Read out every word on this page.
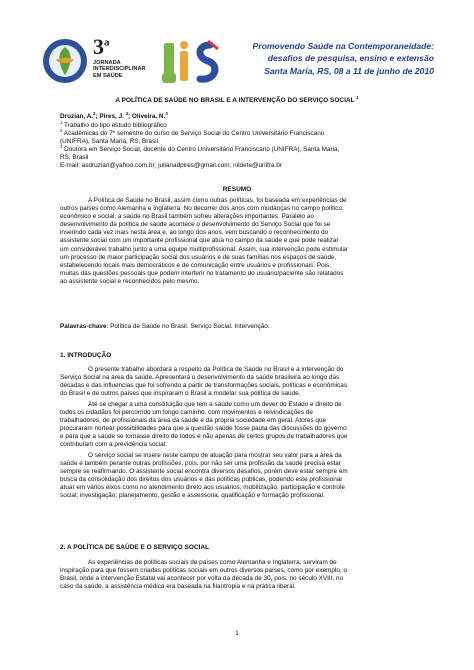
3$^a$
JORNADA
INTERDISCIPLINAR
EM SAÚDE
Promovendo Saúde na Contemporaneidade:
desafios de pesquisa, ensino e extensão
Santa Maria, RS, 08 a 11 de junho de 2010
A POLÍTICA DE SAÚDE NO BRASIL E A INTERVENÇÃO DO SERVIÇO SOCIAL $^1$
Druzian, A.$^2$; Pires, J. $^3$; Oliveira. N.$^3$
$^1$ Trabalho do tipo estudo bibliográfico
$^2$ Acadêmicas do 7º semestre do curso de Serviço Social do Centro Universitário Franciscano
(UNIFRA), Santa Maria, RS, Brasil
$^3$ Doutora em Serviço Social, docente do Centro Universitário Franciscano (UNIFRA), Santa Maria,
RS, Brasil
E-mail: asdruzian@yahoo.com.br; julianadpires@gmail.com; nildete@unifra.br
RESUMO
A Política de Saúde no Brasil, assim como outras políticas, foi baseada em experiências de
outros países como Alemanha e Inglaterra. No decorrer dos anos com mudanças no campo político,
econômico e social, a saúde no Brasil também sofreu alterações importantes. Paralelo ao
desenvolvimento da política de saúde acontece o desenvolvimento do Serviço Social que foi se
inserindo cada vez mais nesta área e, ao longo dos anos, vem buscando o reconhecimento do
assistente social com um importante profissional que atua no campo da saúde e que pode realizar
um considerável trabalho junto a uma equipe multiprofissional. Assim, sua intervenção pode estimular
um processo de maior participação social dos usuários e de suas famílias nos espaços de saúde,
estabelecendo locais mais democráticos e de comunicação entre usuários e profissionais. Pois,
muitas das questões pessoais que podem interferir no tratamento do usuário/paciente são relatados
ao assistente social e reconhecidos pelo mesmo.
Palavras-chave: Política de Saúde no Brasil. Serviço Social. Intervenção.
1. INTRODUÇÃO
O presente trabalho abordará a respeito da Política de Saúde no Brasil e a intervenção do
Serviço Social na área da saúde. Apresentará o desenvolvimento da saúde brasileira ao longo das
décadas e das influencias que foi sofrendo a partir de transformações sociais, políticas e econômicas
do Brasil e de outros países que inspiraram o Brasil a modelar sua política de saúde.
Até se chegar a uma constituição que tem a saúde como um dever do Estado e direito de
todos os cidadãos foi percorrido um longo caminho, com movimentos e reivindicações de
trabalhadores, de profissionais da área da saúde e da própria sociedade em geral. Atores que
procuraram nortear possibilidades para que a questão saúde fosse pauta das discussões do governo
e para que a saúde se tornasse direito de todos e não apenas de certos grupos de trabalhadores que
contribuíam com a previdência social.
O serviço social se insere neste campo de atuação para mostrar seu valor para a área da
saúde e também perante outras profissões, pois, por não ser uma profissão da saúde precisa estar
sempre se reafirmando. O assistente social encontra diversos desafios, porém deve estar sempre em
busca da consolidação dos direitos dos usuários e das políticas públicas, podendo este profissional
atuar em vários eixos como no atendimento direto aos usuários; mobilização, participação e controle
social; investigação; planejamento, gestão e assessoria, qualificação e formação profissional.
2. A POLÍTICA DE SAÚDE E O SERVIÇO SOCIAL
As experiências de políticas sociais de países como Alemanha e Inglaterra, serviram de
inspiração para que fossem criadas políticas sociais em outros diversos países, como por exemplo, o
Brasil, onde a intervenção Estatal vai acontecer por volta da década de 30, pois, no século XVIII, no
caso da saúde, a assistência médica era baseada na filantropia e na prática liberal.
1
